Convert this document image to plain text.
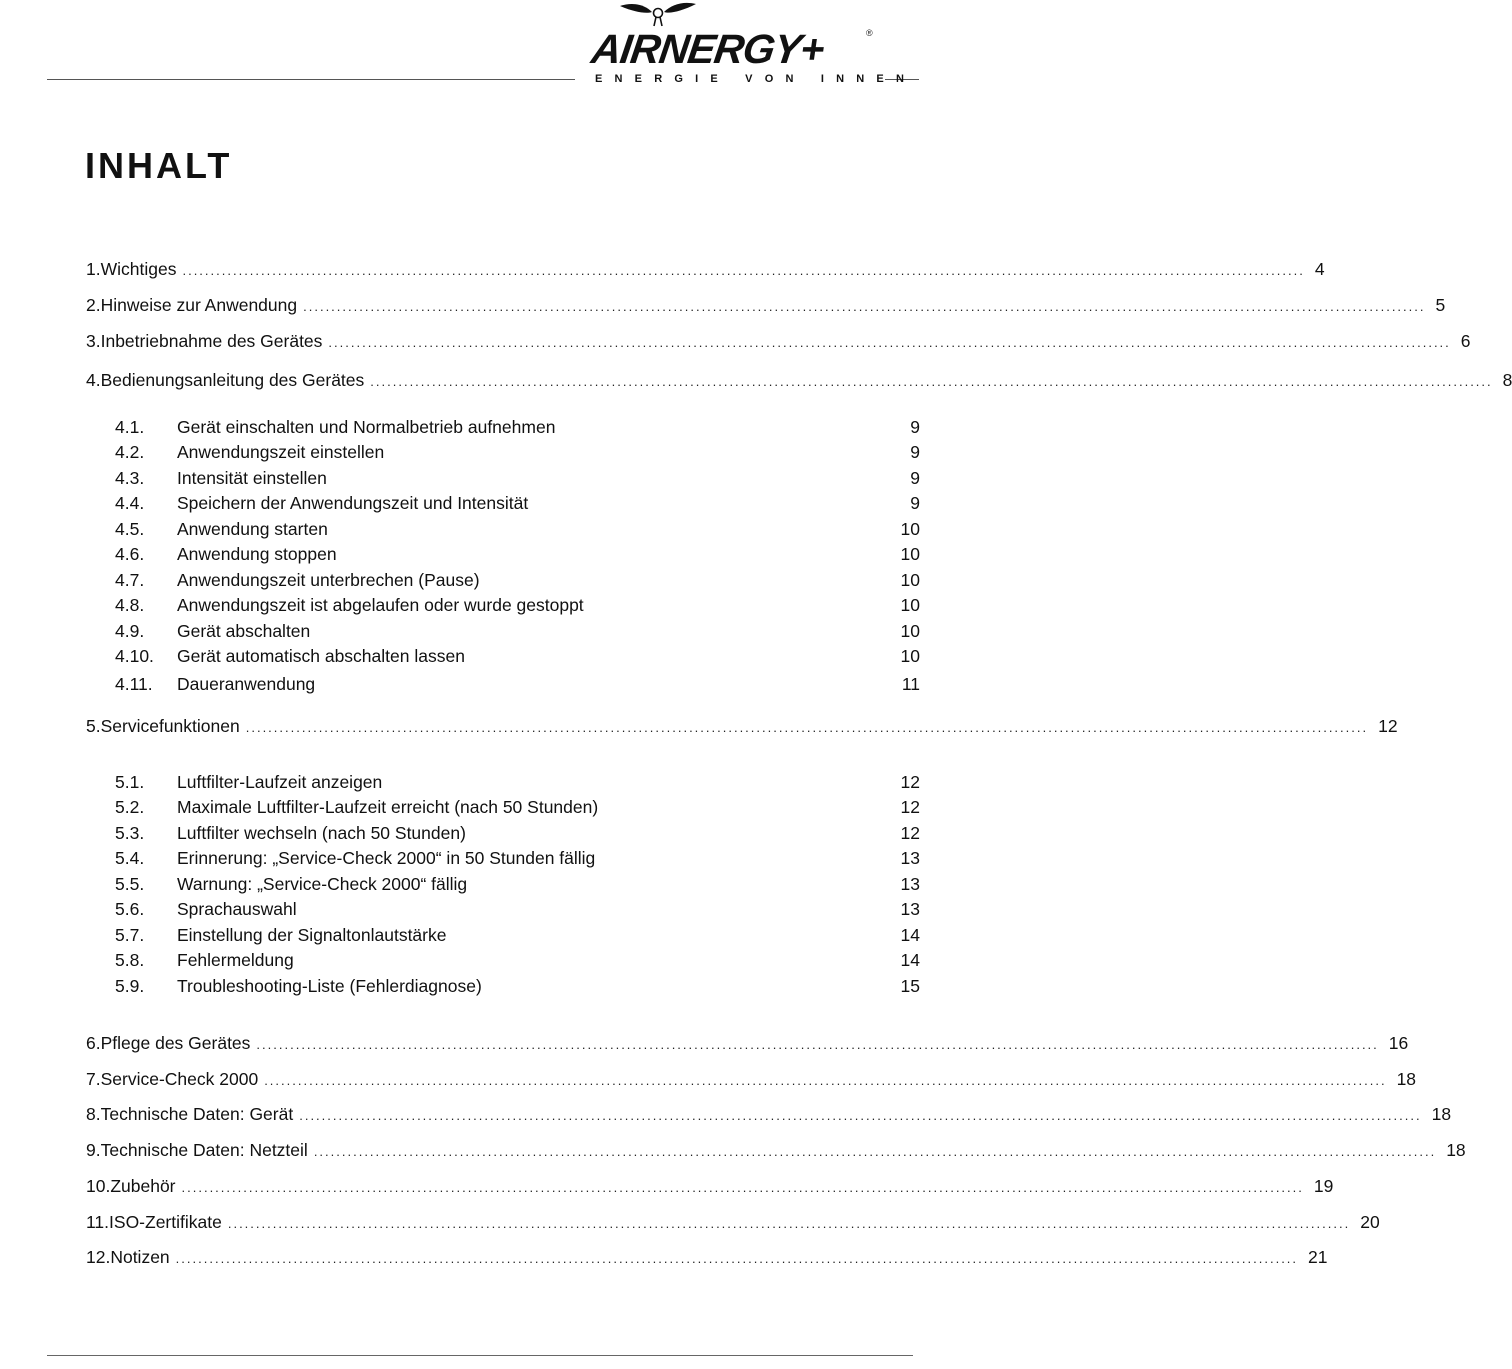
AIRNERGY+	®
ENERGIE VON INNEN
INHALT
1. Wichtiges ........................................................................................................................................................................................................ 4
2. Hinweise zur Anwendung ........................................................................................................................................................................................................ 5
3. Inbetriebnahme des Gerätes ........................................................................................................................................................................................................ 6
4. Bedienungsanleitung des Gerätes ........................................................................................................................................................................................................ 8
4.1.	Gerät einschalten und Normalbetrieb aufnehmen	9
4.2.	Anwendungszeit einstellen	9
4.3.	Intensität einstellen	9
4.4.	Speichern der Anwendungszeit und Intensität	9
4.5.	Anwendung starten	10
4.6.	Anwendung stoppen	10
4.7.	Anwendungszeit unterbrechen (Pause)	10
4.8.	Anwendungszeit ist abgelaufen oder wurde gestoppt	10
4.9.	Gerät abschalten	10
4.10.	Gerät automatisch abschalten lassen	10
4.11.	Daueranwendung	11
5. Servicefunktionen ........................................................................................................................................................................................................ 12
5.1.	Luftfilter-Laufzeit anzeigen	12
5.2.	Maximale Luftfilter-Laufzeit erreicht (nach 50 Stunden)	12
5.3.	Luftfilter wechseln (nach 50 Stunden)	12
5.4.	Erinnerung: „Service-Check 2000“ in 50 Stunden fällig	13
5.5.	Warnung: „Service-Check 2000“ fällig	13
5.6.	Sprachauswahl	13
5.7.	Einstellung der Signaltonlautstärke	14
5.8.	Fehlermeldung	14
5.9.	Troubleshooting-Liste (Fehlerdiagnose)	15
6. Pflege des Gerätes ........................................................................................................................................................................................................ 16
7. Service-Check 2000 ........................................................................................................................................................................................................ 18
8. Technische Daten: Gerät ........................................................................................................................................................................................................ 18
9. Technische Daten: Netzteil ........................................................................................................................................................................................................ 18
10. Zubehör ........................................................................................................................................................................................................ 19
11. ISO-Zertifikate ........................................................................................................................................................................................................ 20
12. Notizen ........................................................................................................................................................................................................ 21
